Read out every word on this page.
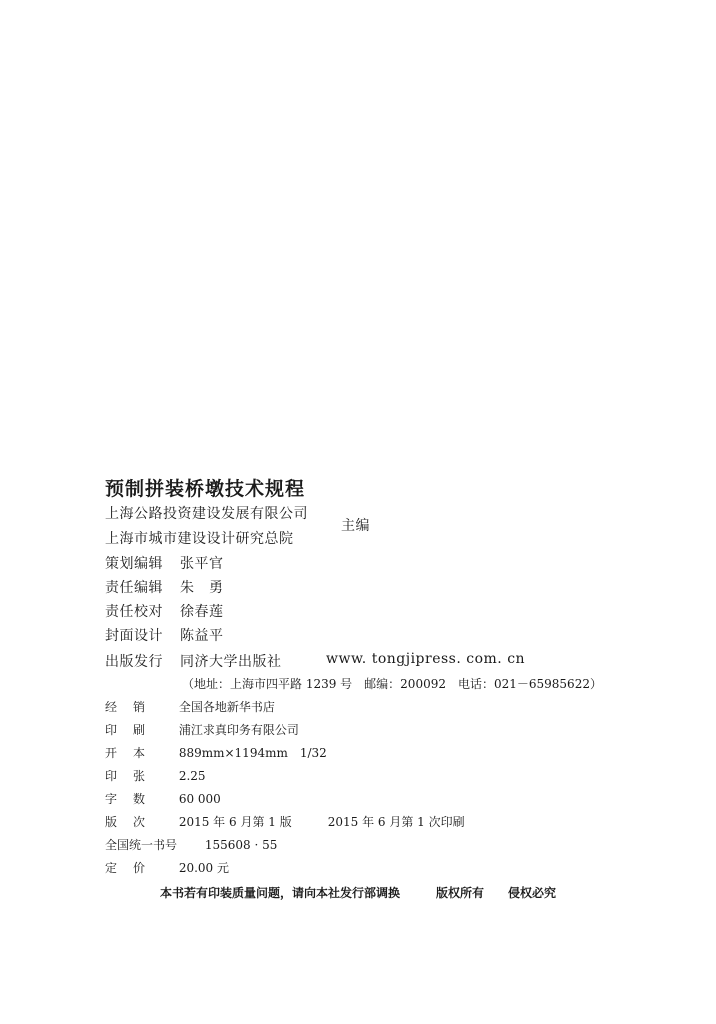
预制拼装桥墩技术规程
上海公路投资建设发展有限公司
上海市城市建设设计研究总院
主编
策划编辑 张平官
责任编辑 朱　勇
责任校对 徐春莲
封面设计 陈益平
出版发行 同济大学出版社	www. tongjipress. com. cn
（地址：上海市四平路 1239 号　邮编：200092　电话：021－65985622）
经 销	全国各地新华书店
印 刷	浦江求真印务有限公司
开 本	889mm×1194mm　1/32
印 张	2.25
字 数	60 000
版 次	2015 年 6 月第 1 版　　　2015 年 6 月第 1 次印刷
全国统一书号 155608 · 55
定 价	20.00 元
本书若有印装质量问题，请向本社发行部调换　　　版权所有　　侵权必究
